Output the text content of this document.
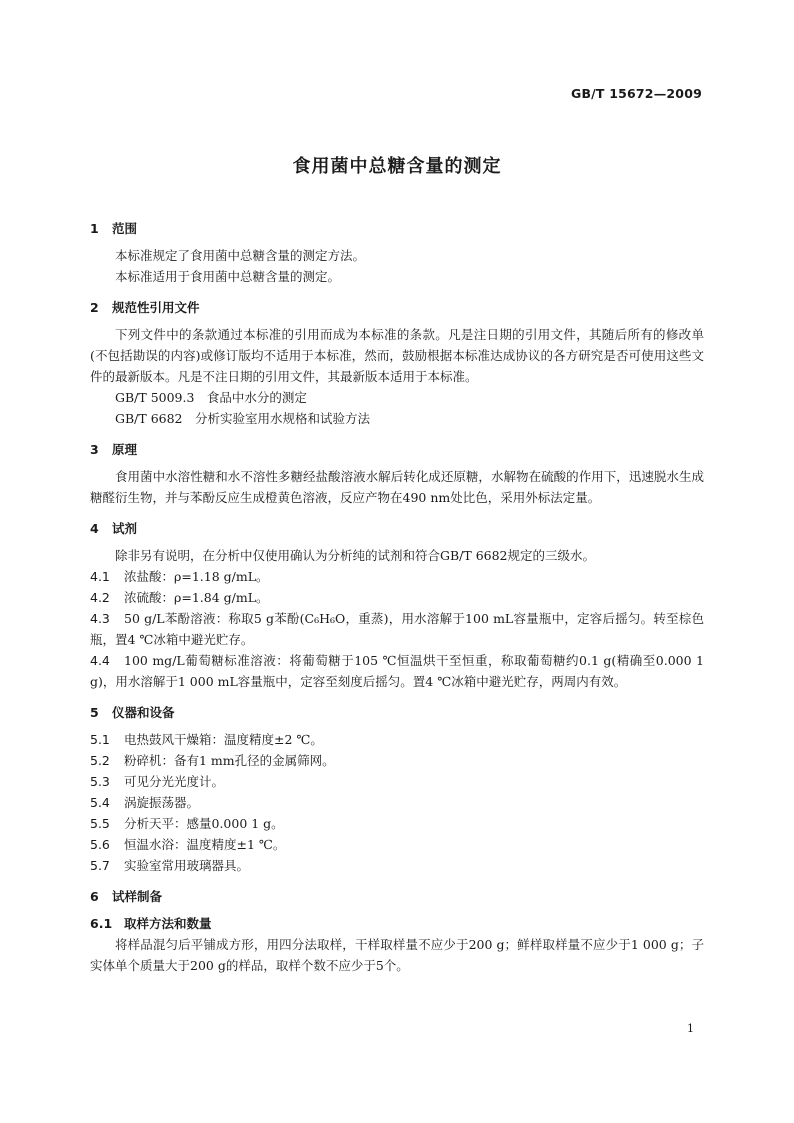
GB/T 15672—2009
食用菌中总糖含量的测定
1 范围

本标准规定了食用菌中总糖含量的测定方法。

本标准适用于食用菌中总糖含量的测定。

2 规范性引用文件

下列文件中的条款通过本标准的引用而成为本标准的条款。凡是注日期的引用文件，其随后所有的修改单(不包括勘误的内容)或修订版均不适用于本标准，然而，鼓励根据本标准达成协议的各方研究是否可使用这些文件的最新版本。凡是不注日期的引用文件，其最新版本适用于本标准。

GB/T 5009.3　食品中水分的测定

GB/T 6682　分析实验室用水规格和试验方法

3 原理

食用菌中水溶性糖和水不溶性多糖经盐酸溶液水解后转化成还原糖，水解物在硫酸的作用下，迅速脱水生成糖醛衍生物，并与苯酚反应生成橙黄色溶液，反应产物在490 nm处比色，采用外标法定量。

4 试剂

除非另有说明，在分析中仅使用确认为分析纯的试剂和符合GB/T 6682规定的三级水。

4.1 浓盐酸：ρ=1.18 g/mL。

4.2 浓硫酸：ρ=1.84 g/mL。

4.3 50 g/L苯酚溶液：称取5 g苯酚(C₆H₆O，重蒸)，用水溶解于100 mL容量瓶中，定容后摇匀。转至棕色瓶，置4 ℃冰箱中避光贮存。

4.4 100 mg/L葡萄糖标准溶液：将葡萄糖于105 ℃恒温烘干至恒重，称取葡萄糖约0.1 g(精确至0.000 1 g)，用水溶解于1 000 mL容量瓶中，定容至刻度后摇匀。置4 ℃冰箱中避光贮存，两周内有效。

5 仪器和设备

5.1 电热鼓风干燥箱：温度精度±2 ℃。

5.2 粉碎机：备有1 mm孔径的金属筛网。

5.3 可见分光光度计。

5.4 涡旋振荡器。

5.5 分析天平：感量0.000 1 g。

5.6 恒温水浴：温度精度±1 ℃。

5.7 实验室常用玻璃器具。

6 试样制备
6.1 取样方法和数量

将样品混匀后平铺成方形，用四分法取样，干样取样量不应少于200 g；鲜样取样量不应少于1 000 g；子实体单个质量大于200 g的样品，取样个数不应少于5个。

1
